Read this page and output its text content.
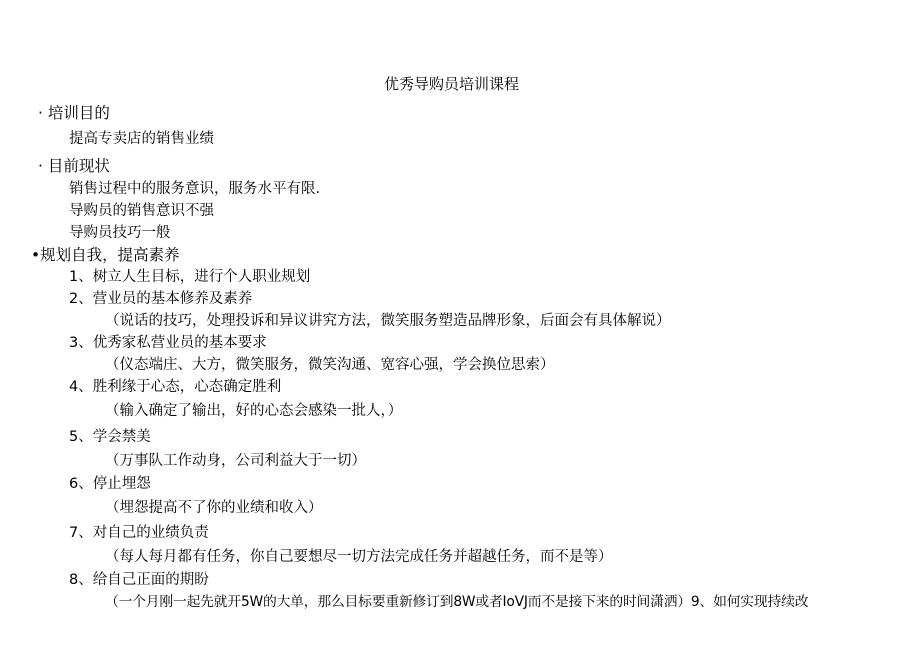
优秀导购员培训课程
· 培训目的
提高专卖店的销售业绩
· 目前现状
销售过程中的服务意识，服务水平有限.
导购员的销售意识不强
导购员技巧一般
•规划自我，提高素养
1、树立人生目标，进行个人职业规划
2、营业员的基本修养及素养
（说话的技巧，处理投诉和异议讲究方法，微笑服务塑造品牌形象，后面会有具体解说）
3、优秀家私营业员的基本要求
（仪态端庄、大方，微笑服务，微笑沟通、宽容心强，学会换位思索）
4、胜利缘于心态，心态确定胜利
（输入确定了输出，好的心态会感染一批人，）
5、学会禁美
（万事队工作动身，公司利益大于一切）
6、停止埋怨
（埋怨提高不了你的业绩和收入）
7、对自己的业绩负责
（每人每月都有任务，你自己要想尽一切方法完成任务并超越任务，而不是等）
8、给自己正面的期盼
（一个月刚一起先就开5W的大单，那么目标要重新修订到8W或者IoVJ而不是接下来的时间潇洒）9、如何实现持续改
